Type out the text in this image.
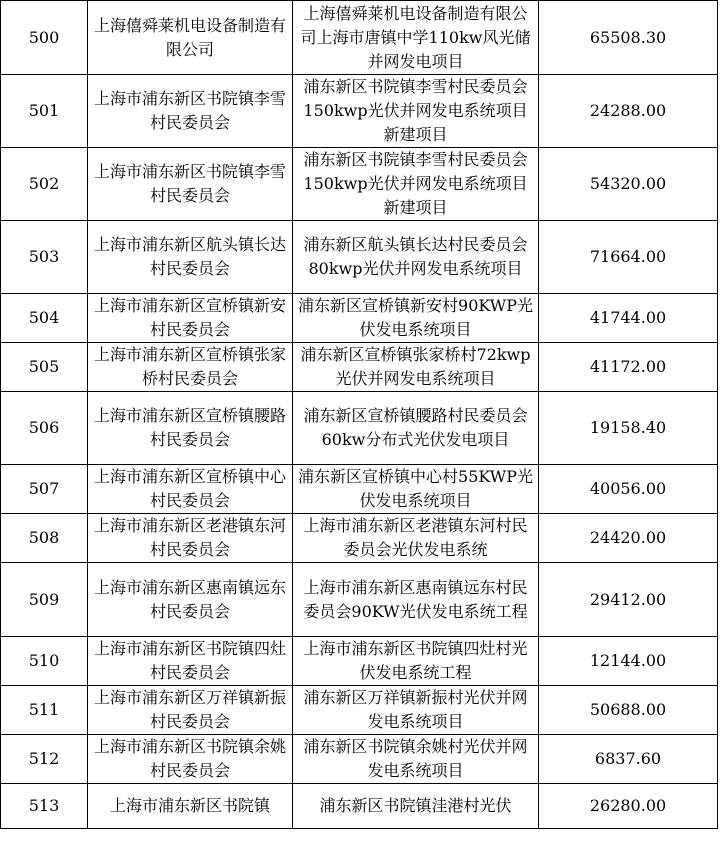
500	上海僖舜莱机电设备制造有限公司	上海僖舜莱机电设备制造有限公司上海市唐镇中学110kw风光储并网发电项目	65508.30
501	上海市浦东新区书院镇李雪村民委员会	浦东新区书院镇李雪村民委员会150kwp光伏并网发电系统项目新建项目	24288.00
502	上海市浦东新区书院镇李雪村民委员会	浦东新区书院镇李雪村民委员会150kwp光伏并网发电系统项目新建项目	54320.00
503	上海市浦东新区航头镇长达村民委员会	浦东新区航头镇长达村民委员会80kwp光伏并网发电系统项目	71664.00
504	上海市浦东新区宣桥镇新安村民委员会	浦东新区宣桥镇新安村90KWP光伏发电系统项目	41744.00
505	上海市浦东新区宣桥镇张家桥村民委员会	浦东新区宣桥镇张家桥村72kwp光伏并网发电系统项目	41172.00
506	上海市浦东新区宣桥镇腰路村民委员会	浦东新区宣桥镇腰路村民委员会60kw分布式光伏发电项目	19158.40
507	上海市浦东新区宣桥镇中心村民委员会	浦东新区宣桥镇中心村55KWP光伏发电系统项目	40056.00
508	上海市浦东新区老港镇东河村民委员会	上海市浦东新区老港镇东河村民委员会光伏发电系统	24420.00
509	上海市浦东新区惠南镇远东村民委员会	上海市浦东新区惠南镇远东村民委员会90KW光伏发电系统工程	29412.00
510	上海市浦东新区书院镇四灶村民委员会	上海市浦东新区书院镇四灶村光伏发电系统工程	12144.00
511	上海市浦东新区万祥镇新振村民委员会	浦东新区万祥镇新振村光伏并网发电系统项目	50688.00
512	上海市浦东新区书院镇余姚村民委员会	浦东新区书院镇余姚村光伏并网发电系统项目	6837.60
513	上海市浦东新区书院镇	浦东新区书院镇洼港村光伏	26280.00
